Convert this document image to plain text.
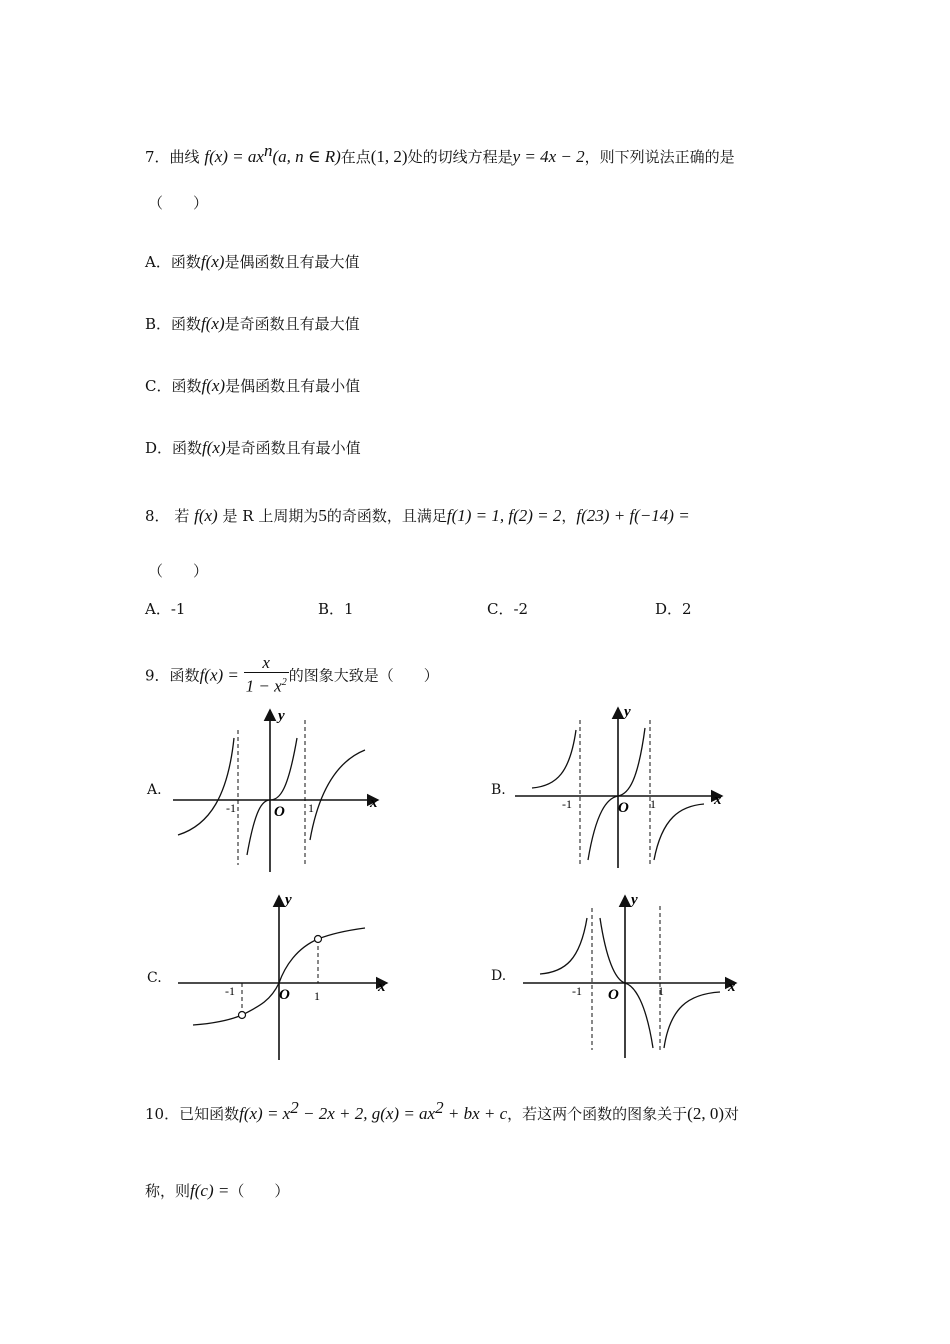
7．曲线 $f(x) = ax^n(a$, n ∈ R)在点(1, 2)处的切线方程是y = 4x − 2，则下列说法正确的是
（　　）
A．函数f(x)是偶函数且有最大值
B．函数f(x)是奇函数且有最大值
C．函数f(x)是偶函数且有最小值
D．函数f(x)是奇函数且有最小值
8． 若 f(x) 是 R 上周期为5的奇函数，且满足f(1) = 1, f(2) = 2，f(23) + f(−14) =
（　　）
A．-1	B．1	C．-2	D．2
9．函数$f(x) = \frac{x}{1 - x^2}$ 的图象大致是（　　）
A.
-1	1
O
x
y
B.
-1	1
O	x
y
C.
-1	1
O	x
y
D.
-1	1
O	x
y
10．已知函数$f(x) = x^2 - 2x + 2$, $g(x) = ax^2$ + bx + c，若这两个函数的图象关于(2, 0)对
称，则f(c) =（　　）
